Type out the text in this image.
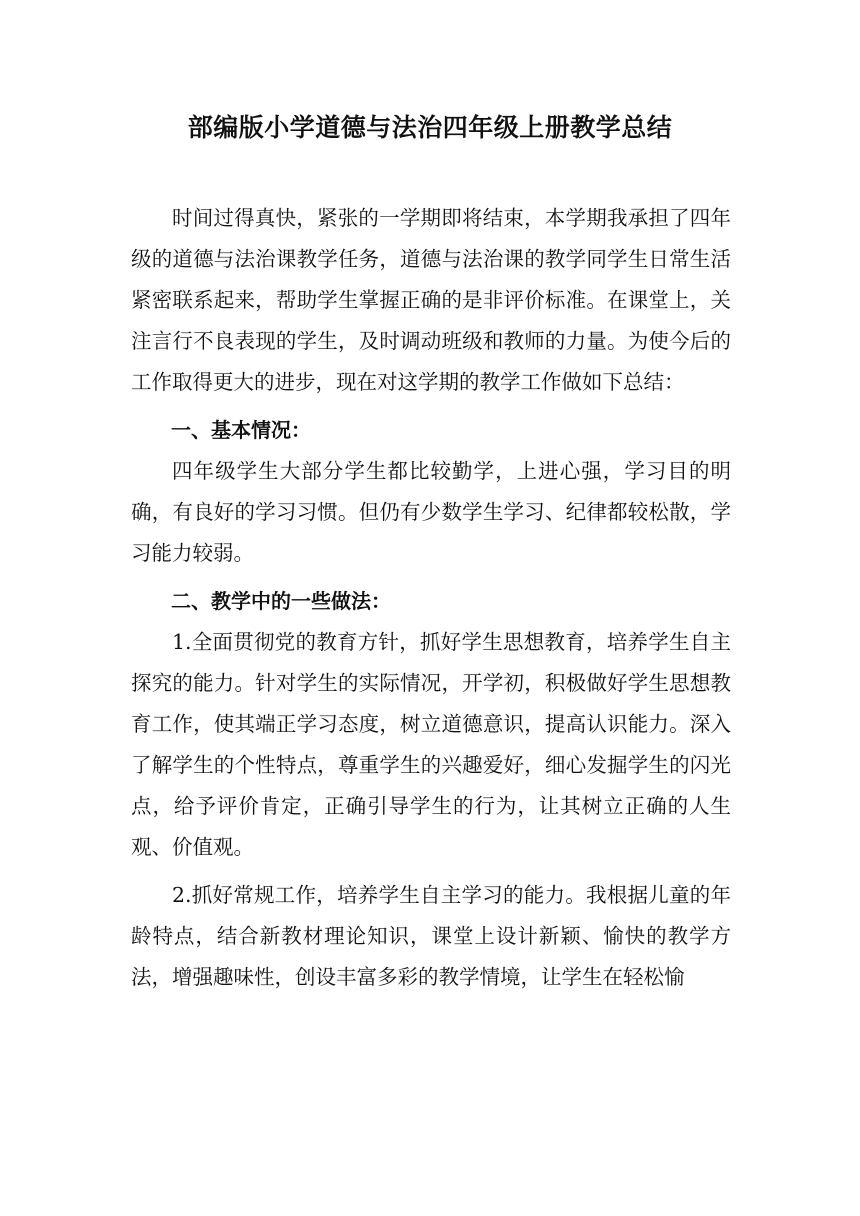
部编版小学道德与法治四年级上册教学总结

时间过得真快，紧张的一学期即将结束，本学期我承担了四年级的道德与法治课教学任务，道德与法治课的教学同学生日常生活紧密联系起来，帮助学生掌握正确的是非评价标准。在课堂上，关注言行不良表现的学生，及时调动班级和教师的力量。为使今后的工作取得更大的进步，现在对这学期的教学工作做如下总结：

一、基本情况：

四年级学生大部分学生都比较勤学，上进心强，学习目的明确，有良好的学习习惯。但仍有少数学生学习、纪律都较松散，学习能力较弱。

二、教学中的一些做法：

1.全面贯彻党的教育方针，抓好学生思想教育，培养学生自主探究的能力。针对学生的实际情况，开学初，积极做好学生思想教育工作，使其端正学习态度，树立道德意识，提高认识能力。深入了解学生的个性特点，尊重学生的兴趣爱好，细心发掘学生的闪光点，给予评价肯定，正确引导学生的行为，让其树立正确的人生观、价值观。

2.抓好常规工作，培养学生自主学习的能力。我根据儿童的年龄特点，结合新教材理论知识，课堂上设计新颖、愉快的教学方法，增强趣味性，创设丰富多彩的教学情境，让学生在轻松愉
